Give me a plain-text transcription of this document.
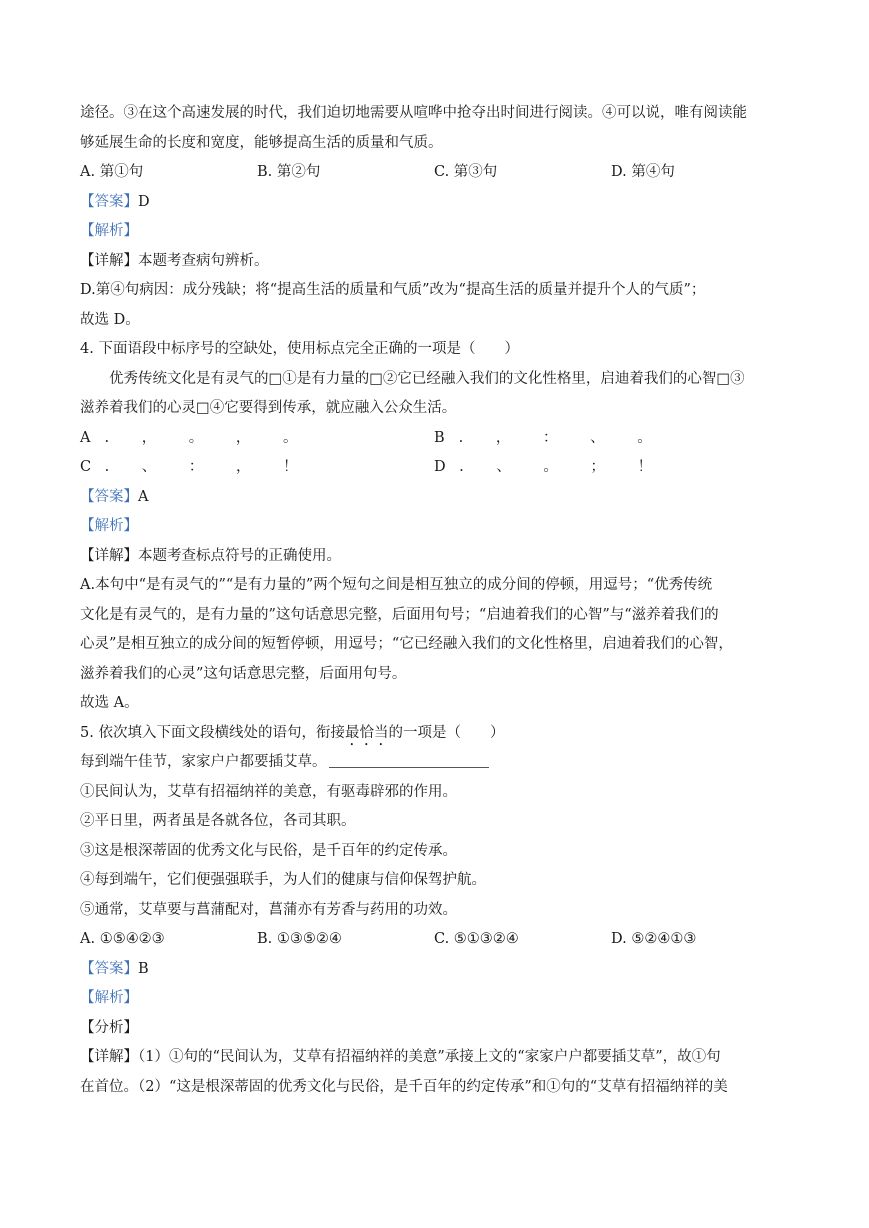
途径。③在这个高速发展的时代，我们迫切地需要从喧哗中抢夺出时间进行阅读。④可以说，唯有阅读能
够延展生命的长度和宽度，能够提高生活的质量和气质。
A. 第①句	B. 第②句	C. 第③句	D. 第④句
【答案】D
【解析】
【详解】本题考查病句辨析。
D.第④句病因：成分残缺；将“提高生活的质量和气质”改为“提高生活的质量并提升个人的气质”；
故选 D。
4. 下面语段中标序号的空缺处，使用标点完全正确的一项是（　　）
优秀传统文化是有灵气的□①是有力量的□②它已经融入我们的文化性格里，启迪着我们的心智□③
滋养着我们的心灵□④它要得到传承，就应融入公众生活。
A. ， 。 ， 。	B. ， ： 、 。
C. 、 ： ， ！	D. 、 。 ； ！
【答案】A
【解析】
【详解】本题考查标点符号的正确使用。
A.本句中“是有灵气的”“是有力量的”两个短句之间是相互独立的成分间的停顿，用逗号；“优秀传统
文化是有灵气的，是有力量的”这句话意思完整，后面用句号；“启迪着我们的心智”与“滋养着我们的
心灵”是相互独立的成分间的短暂停顿，用逗号；“它已经融入我们的文化性格里，启迪着我们的心智，
滋养着我们的心灵”这句话意思完整，后面用句号。
故选 A。
5. 依次填入下面文段横线处的语句，衔接最恰当的一项是（　　）
每到端午佳节，家家户户都要插艾草。
①民间认为，艾草有招福纳祥的美意，有驱毒辟邪的作用。
②平日里，两者虽是各就各位，各司其职。
③这是根深蒂固的优秀文化与民俗，是千百年的约定传承。
④每到端午，它们便强强联手，为人们的健康与信仰保驾护航。
⑤通常，艾草要与菖蒲配对，菖蒲亦有芳香与药用的功效。
A. ①⑤④②③	B. ①③⑤②④	C. ⑤①③②④	D. ⑤②④①③
【答案】B
【解析】
【分析】
【详解】（1）①句的“民间认为，艾草有招福纳祥的美意”承接上文的“家家户户都要插艾草”，故①句
在首位。（2）“这是根深蒂固的优秀文化与民俗，是千百年的约定传承”和①句的“艾草有招福纳祥的美
